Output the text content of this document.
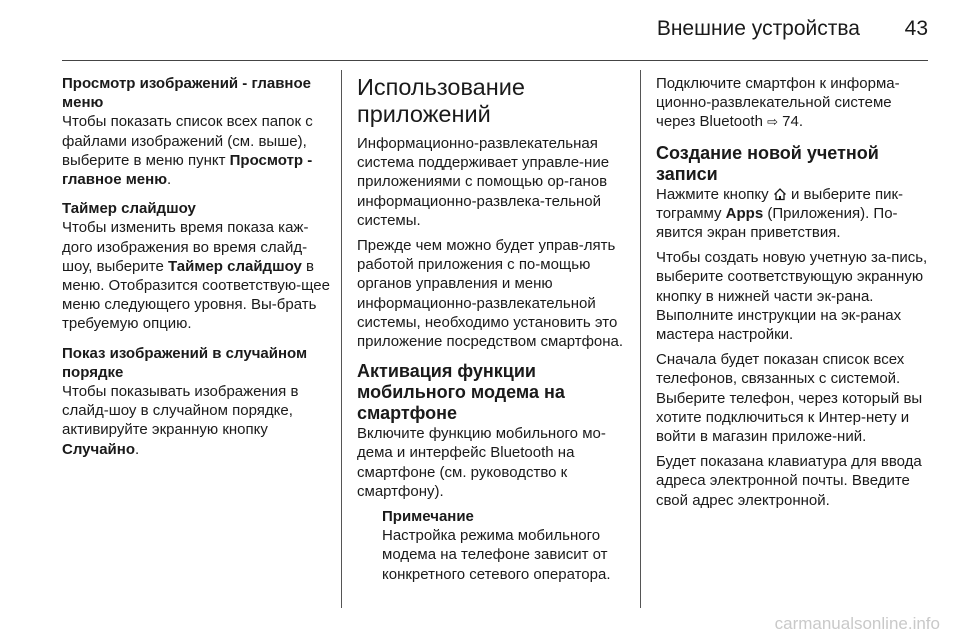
Внешние устройства	43

Просмотр изображений - главное меню

Чтобы показать список всех папок с файлами изображений (см. выше), выберите в меню пункт Просмотр - главное меню.

Таймер слайдшоу

Чтобы изменить время показа каж-дого изображения во время слайд-шоу, выберите Таймер слайдшоу в меню. Отобразится соответствую-щее меню следующего уровня. Вы-брать требуемую опцию.

Показ изображений в случайном порядке

Чтобы показывать изображения в слайд-шоу в случайном порядке, активируйте экранную кнопку Случайно.

Использование приложений

Информационно-развлекательная система поддерживает управле-ние приложениями с помощью ор-ганов информационно-развлека-тельной системы.

Прежде чем можно будет управ-лять работой приложения с по-мощью органов управления и меню информационно-развлекательной системы, необходимо установить это приложение посредством смартфона.

Активация функции мобильного модема на смартфоне

Включите функцию мобильного мо-дема и интерфейс Bluetooth на смартфоне (см. руководство к смартфону).

Примечание

Настройка режима мобильного модема на телефоне зависит от конкретного сетевого оператора.

Подключите смартфон к информа-ционно-развлекательной системе через Bluetooth ⇨ 74.

Создание новой учетной записи

Нажмите кнопку  и выберите пик-тограмму Apps (Приложения). По-явится экран приветствия.

Чтобы создать новую учетную за-пись, выберите соответствующую экранную кнопку в нижней части эк-рана. Выполните инструкции на эк-ранах мастера настройки.

Сначала будет показан список всех телефонов, связанных с системой. Выберите телефон, через который вы хотите подключиться к Интер-нету и войти в магазин приложе-ний.

Будет показана клавиатура для ввода адреса электронной почты. Введите свой адрес электронной.

carmanualsonline.info
